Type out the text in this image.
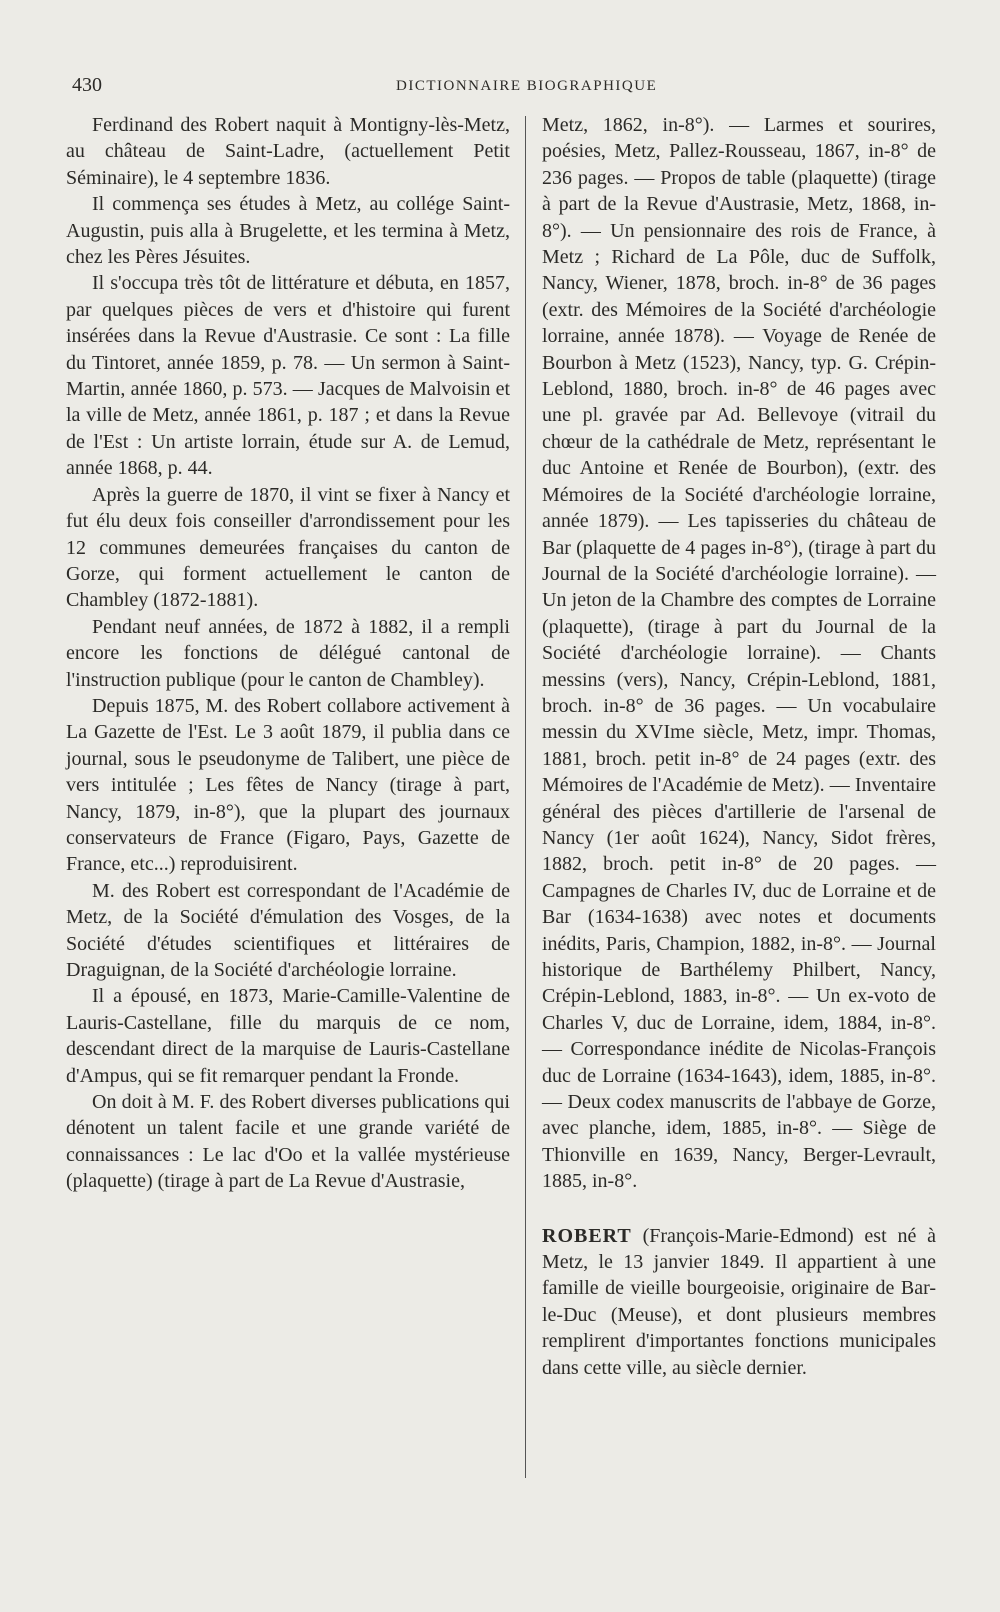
430	DICTIONNAIRE BIOGRAPHIQUE

Ferdinand des Robert naquit à Montigny-lès-Metz, au château de Saint-Ladre, (actuellement Petit Séminaire), le 4 septembre 1836.

Il commença ses études à Metz, au collége Saint-Augustin, puis alla à Brugelette, et les termina à Metz, chez les Pères Jésuites.

Il s'occupa très tôt de littérature et débuta, en 1857, par quelques pièces de vers et d'histoire qui furent insérées dans la Revue d'Austrasie. Ce sont : La fille du Tintoret, année 1859, p. 78. — Un sermon à Saint-Martin, année 1860, p. 573. — Jacques de Malvoisin et la ville de Metz, année 1861, p. 187 ; et dans la Revue de l'Est : Un artiste lorrain, étude sur A. de Lemud, année 1868, p. 44.

Après la guerre de 1870, il vint se fixer à Nancy et fut élu deux fois conseiller d'arrondissement pour les 12 communes demeurées françaises du canton de Gorze, qui forment actuellement le canton de Chambley (1872-1881).

Pendant neuf années, de 1872 à 1882, il a rempli encore les fonctions de délégué cantonal de l'instruction publique (pour le canton de Chambley).

Depuis 1875, M. des Robert collabore activement à La Gazette de l'Est. Le 3 août 1879, il publia dans ce journal, sous le pseudonyme de Talibert, une pièce de vers intitulée ; Les fêtes de Nancy (tirage à part, Nancy, 1879, in-8°), que la plupart des journaux conservateurs de France (Figaro, Pays, Gazette de France, etc...) reproduisirent.

M. des Robert est correspondant de l'Académie de Metz, de la Société d'émulation des Vosges, de la Société d'études scientifiques et littéraires de Draguignan, de la Société d'archéologie lorraine.

Il a épousé, en 1873, Marie-Camille-Valentine de Lauris-Castellane, fille du marquis de ce nom, descendant direct de la marquise de Lauris-Castellane d'Ampus, qui se fit remarquer pendant la Fronde.

On doit à M. F. des Robert diverses publications qui dénotent un talent facile et une grande variété de connaissances : Le lac d'Oo et la vallée mystérieuse (plaquette) (tirage à part de La Revue d'Austrasie,

Metz, 1862, in-8°). — Larmes et sourires, poésies, Metz, Pallez-Rousseau, 1867, in-8° de 236 pages. — Propos de table (plaquette) (tirage à part de la Revue d'Austrasie, Metz, 1868, in-8°). — Un pensionnaire des rois de France, à Metz ; Richard de La Pôle, duc de Suffolk, Nancy, Wiener, 1878, broch. in-8° de 36 pages (extr. des Mémoires de la Société d'archéologie lorraine, année 1878). — Voyage de Renée de Bourbon à Metz (1523), Nancy, typ. G. Crépin-Leblond, 1880, broch. in-8° de 46 pages avec une pl. gravée par Ad. Bellevoye (vitrail du chœur de la cathédrale de Metz, représentant le duc Antoine et Renée de Bourbon), (extr. des Mémoires de la Société d'archéologie lorraine, année 1879). — Les tapisseries du château de Bar (plaquette de 4 pages in-8°), (tirage à part du Journal de la Société d'archéologie lorraine). — Un jeton de la Chambre des comptes de Lorraine (plaquette), (tirage à part du Journal de la Société d'archéologie lorraine). — Chants messins (vers), Nancy, Crépin-Leblond, 1881, broch. in-8° de 36 pages. — Un vocabulaire messin du XVIme siècle, Metz, impr. Thomas, 1881, broch. petit in-8° de 24 pages (extr. des Mémoires de l'Académie de Metz). — Inventaire général des pièces d'artillerie de l'arsenal de Nancy (1er août 1624), Nancy, Sidot frères, 1882, broch. petit in-8° de 20 pages. — Campagnes de Charles IV, duc de Lorraine et de Bar (1634-1638) avec notes et documents inédits, Paris, Champion, 1882, in-8°. — Journal historique de Barthélemy Philbert, Nancy, Crépin-Leblond, 1883, in-8°. — Un ex-voto de Charles V, duc de Lorraine, idem, 1884, in-8°. — Correspondance inédite de Nicolas-François duc de Lorraine (1634-1643), idem, 1885, in-8°. — Deux codex manuscrits de l'abbaye de Gorze, avec planche, idem, 1885, in-8°. — Siège de Thionville en 1639, Nancy, Berger-Levrault, 1885, in-8°.

ROBERT (François-Marie-Edmond) est né à Metz, le 13 janvier 1849. Il appartient à une famille de vieille bourgeoisie, originaire de Bar-le-Duc (Meuse), et dont plusieurs membres remplirent d'importantes fonctions municipales dans cette ville, au siècle dernier.
